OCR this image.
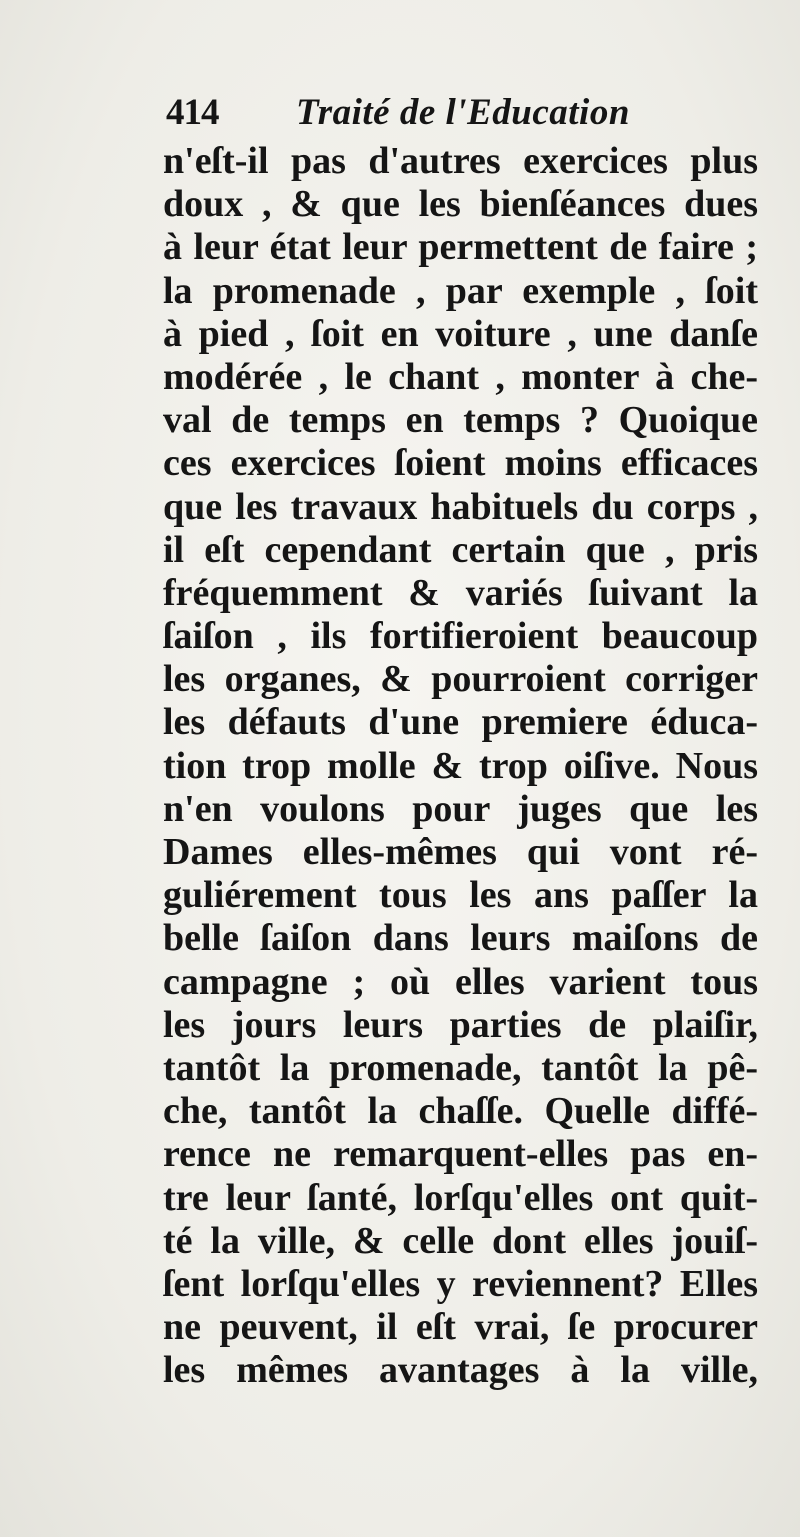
414 Traité de l'Education
n'eſt-il pas d'autres exercices plus
doux , & que les bienſéances dues
à leur état leur permettent de faire ;
la promenade , par exemple , ſoit
à pied , ſoit en voiture , une danſe
modérée , le chant , monter à che-
val de temps en temps ? Quoique
ces exercices ſoient moins efficaces
que les travaux habituels du corps ,
il eſt cependant certain que , pris
fréquemment & variés ſuivant la
ſaiſon , ils fortifieroient beaucoup
les organes, & pourroient corriger
les défauts d'une premiere éduca-
tion trop molle & trop oiſive. Nous
n'en voulons pour juges que les
Dames elles-mêmes qui vont ré-
guliérement tous les ans paſſer la
belle ſaiſon dans leurs maiſons de
campagne ; où elles varient tous
les jours leurs parties de plaiſir,
tantôt la promenade, tantôt la pê-
che, tantôt la chaſſe. Quelle diffé-
rence ne remarquent-elles pas en-
tre leur ſanté, lorſqu'elles ont quit-
té la ville, & celle dont elles jouiſ-
ſent lorſqu'elles y reviennent? Elles
ne peuvent, il eſt vrai, ſe procurer
les mêmes avantages à la ville,
